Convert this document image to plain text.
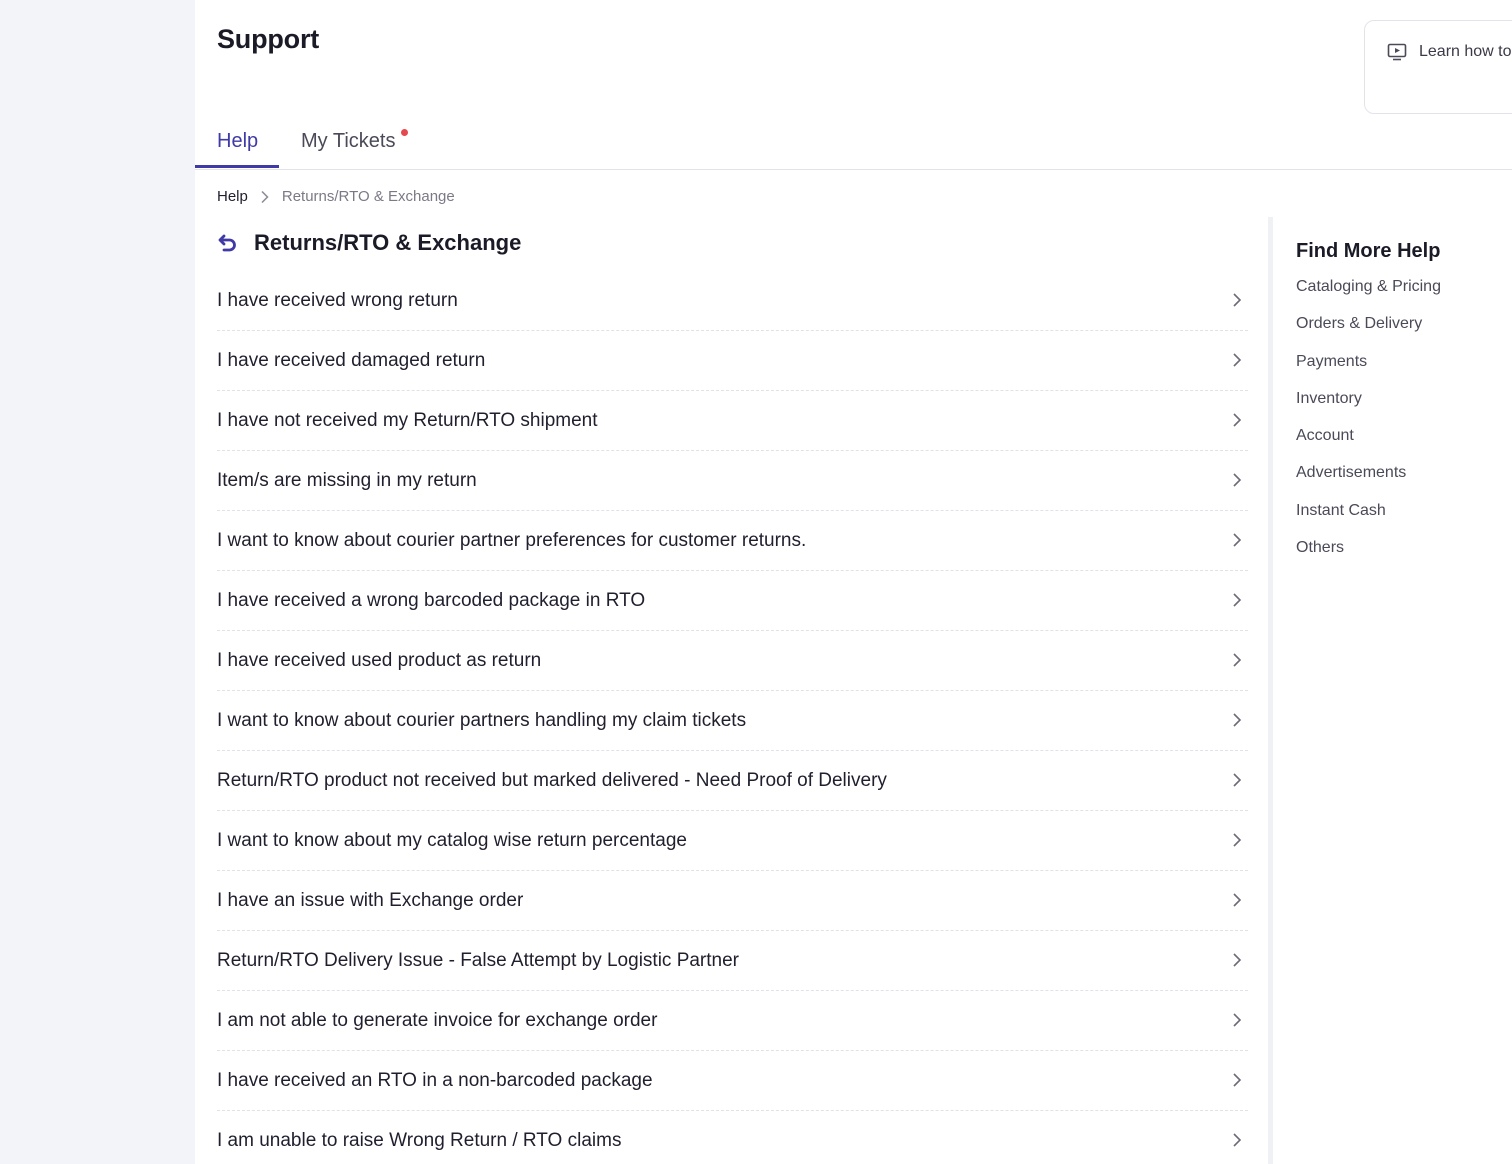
Support	Learn how to
Help My Tickets
Help Returns/RTO & Exchange
Returns/RTO & Exchange
I have received wrong return
I have received damaged return
I have not received my Return/RTO shipment
Item/s are missing in my return
I want to know about courier partner preferences for customer returns.
I have received a wrong barcoded package in RTO
I have received used product as return
I want to know about courier partners handling my claim tickets
Return/RTO product not received but marked delivered - Need Proof of Delivery
I want to know about my catalog wise return percentage
I have an issue with Exchange order
Return/RTO Delivery Issue - False Attempt by Logistic Partner
I am not able to generate invoice for exchange order
I have received an RTO in a non-barcoded package
I am unable to raise Wrong Return / RTO claims
Find More Help
Cataloging & Pricing
Orders & Delivery
Payments
Inventory
Account
Advertisements
Instant Cash
Others
